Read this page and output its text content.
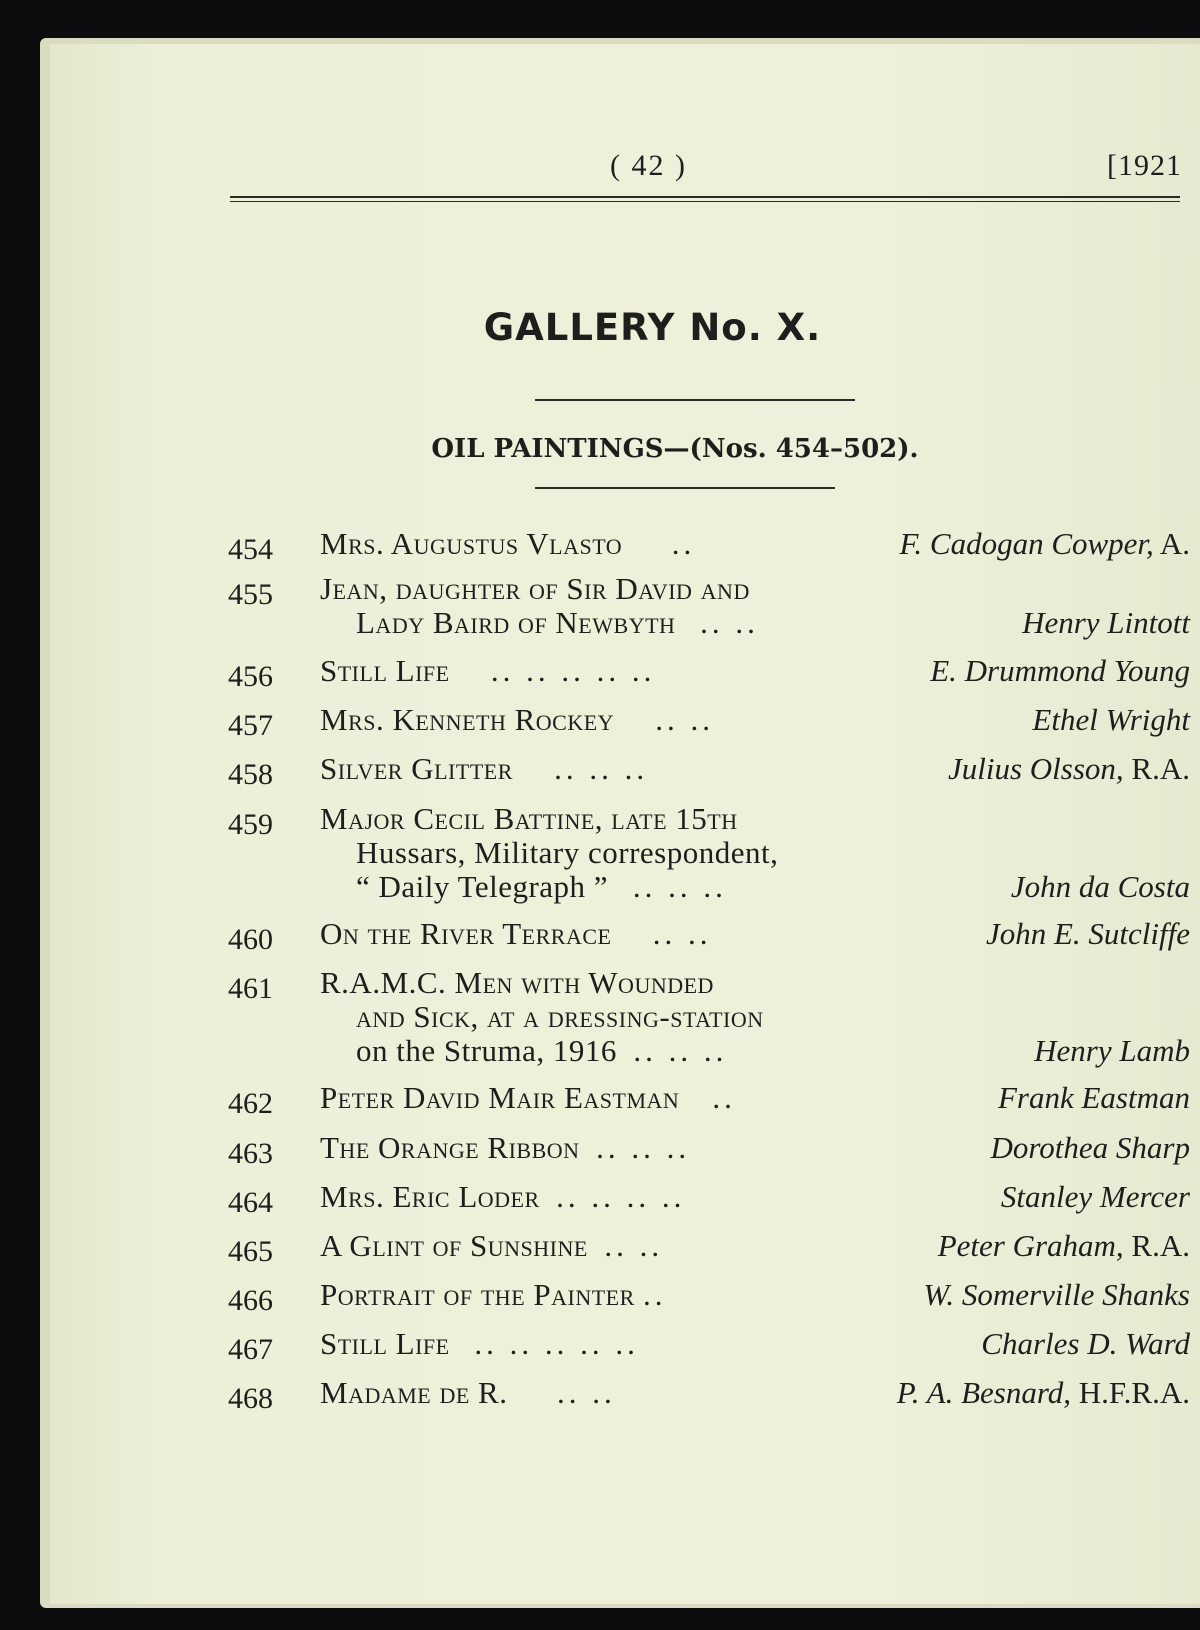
( 42 )	[1921
GALLERY No. X.
OIL PAINTINGS—(Nos. 454–502).
454 Mrs. Augustus Vlasto ..	F. Cadogan Cowper, A.
455 Jean, daughter of Sir David and
Lady Baird of Newbyth .. ..	Henry Lintott
456 Still Life .. .. .. .. ..	E. Drummond Young
457 Mrs. Kenneth Rockey .. ..	Ethel Wright
458 Silver Glitter .. .. ..	Julius Olsson, R.A.
459 Major Cecil Battine, late 15th
Hussars, Military correspondent,
“ Daily Telegraph ” .. .. ..	John da Costa
460 On the River Terrace .. ..	John E. Sutcliffe
461 R.A.M.C. Men with Wounded
and Sick, at a dressing-station
on the Struma, 1916 .. .. ..	Henry Lamb
462 Peter David Mair Eastman ..	Frank Eastman
463 The Orange Ribbon .. .. ..	Dorothea Sharp
464 Mrs. Eric Loder .. .. .. ..	Stanley Mercer
465 A Glint of Sunshine .. ..	Peter Graham, R.A.
466 Portrait of the Painter ..	W. Somerville Shanks
467 Still Life .. .. .. .. ..	Charles D. Ward
468 Madame de R. .. ..	P. A. Besnard, H.F.R.A.
